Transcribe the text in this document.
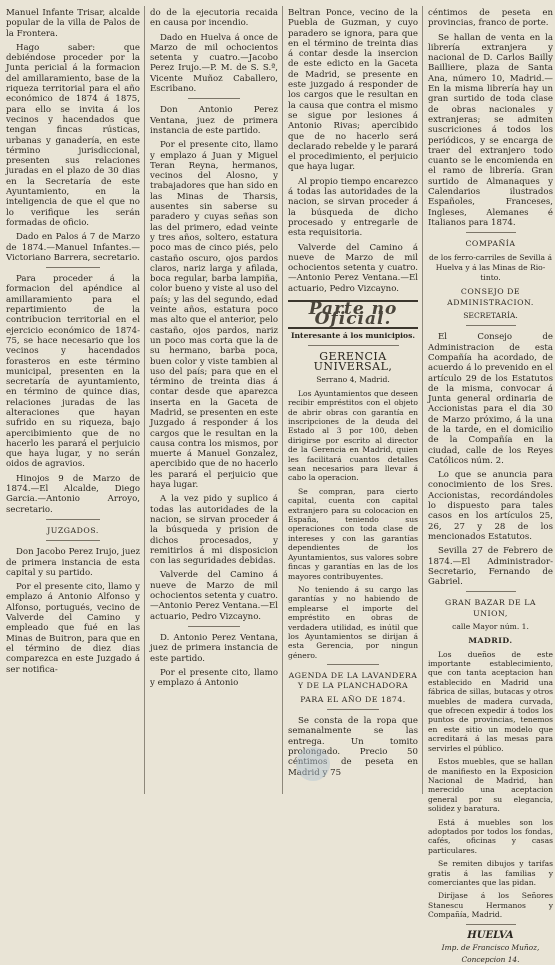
Manuel Infante Trisar, alcalde popular de la villa de Palos de la Frontera.

Hago saber: que debiéndose proceder por la Junta pericial á la formacion del amillaramiento, base de la riqueza territorial para el año económico de 1874 á 1875, para ello se invita á los vecinos y hacendados que tengan fincas rústicas, urbanas y ganadería, en este término jurisdiccional, presenten sus relaciones juradas en el plazo de 30 dias en la Secretaría de este Ayuntamiento, en la inteligencia de que el que no lo verifique les serán formadas de oficio.

Dado en Palos á 7 de Marzo de 1874.—Manuel Infantes.—Victoriano Barrera, secretario.

Para proceder á la formacion del apéndice al amillaramiento para el repartimiento de la contribucion territorial en el ejercicio económico de 1874-75, se hace necesario que los vecinos y hacendados forasteros en este término municipal, presenten en la secretaría de ayuntamiento, en término de quince dias, relaciones juradas de las alteraciones que hayan sufrido en su riqueza, bajo apercibimiento que de no hacerlo les parará el perjuicio que haya lugar, y no serán oidos de agravios.

Hinojos 9 de Marzo de 1874.—El Alcalde, Diego Garcia.—Antonio Arroyo, secretario.

JUZGADOS.

Don Jacobo Perez Irujo, juez de primera instancia de esta capital y su partido.

Por el presente cito, llamo y emplazo á Antonio Alfonso y Alfonso, portugués, vecino de Valverde del Camino y empleado que fué en las Minas de Buitron, para que en el término de diez dias comparezca en este Juzgado á ser notifica-

do de la ejecutoria recaida en causa por incendio.

Dado en Huelva á once de Marzo de mil ochocientos setenta y cuatro.—Jacobo Perez Irujo.—P. M. de S. S.ª, Vicente Muñoz Caballero, Escribano.

Don Antonio Perez Ventana, juez de primera instancia de este partido.

Por el presente cito, llamo y emplazo á Juan y Miguel Teran Reyna, hermanos, vecinos del Alosno, y trabajadores que han sido en las Minas de Tharsis, ausentes sin saberse su paradero y cuyas señas son las del primero, edad veinte y tres años, soltero, estatura poco mas de cinco piés, pelo castaño oscuro, ojos pardos claros, nariz larga y afilada, boca regular, barba lampiña, color bueno y viste al uso del país; y las del segundo, edad veinte años, estatura poco mas alto que el anterior, pelo castaño, ojos pardos, nariz un poco mas corta que la de su hermano, barba poca, buen color y viste tambien al uso del país; para que en el término de treinta dias á contar desde que aparezca inserta en la Gaceta de Madrid, se presenten en este Juzgado á responder á los cargos que le resultan en la causa contra los mismos, por muerte á Manuel Gonzalez, apercibido que de no hacerlo les parará el perjuicio que haya lugar.

A la vez pido y suplico á todas las autoridades de la nacion, se sirvan proceder á la búsqueda y prision de dichos procesados, y remitirlos á mi disposicion con las seguridades debidas.

Valverde del Camino á nueve de Marzo de mil ochocientos setenta y cuatro.—Antonio Perez Ventana.—El actuario, Pedro Vizcayno.

D. Antonio Perez Ventana, juez de primera instancia de este partido.

Por el presente cito, llamo y emplazo á Antonio

Beltran Ponce, vecino de la Puebla de Guzman, y cuyo paradero se ignora, para que en el término de treinta dias á contar desde la insercion de este edicto en la Gaceta de Madrid, se presente en este juzgado á responder de los cargos que le resultan en la causa que contra el mismo se sigue por lesiones á Antonio Rivas; apercibido que de no hacerlo será declarado rebelde y le parará el procedimiento, el perjuicio que haya lugar.

Al propio tiempo encarezco á todas las autoridades de la nacion, se sirvan proceder á la búsqueda de dicho procesado y entregarle de esta requisitoria.

Valverde del Camino á nueve de Marzo de mil ochocientos setenta y cuatro.—Antonio Perez Ventana.—El actuario, Pedro Vizcayno.

Parte no Oficial.
Interesante á los municipios.
GERENCIA UNIVERSAL,
Serrano 4, Madrid.

Los Ayuntamientos que deseen recibir empréstitos con el objeto de abrir obras con garantía en inscripciones de la deuda del Estado al 3 por 100, deben dirigirse por escrito al director de la Gerencia en Madrid, quien les facilitará cuantos detalles sean necesarios para llevar á cabo la operacion.

Se compran, para cierto capital, cuenta con capital extranjero para su colocacion en España, teniendo sus operaciones con toda clase de intereses y con las garantías dependientes de los Ayuntamientos, sus valores sobre fincas y garantías en las de los mayores contribuyentes.

No teniendo á su cargo las garantías y no habiendo de emplearse el importe del empréstito en obras de verdadera utilidad, es inútil que los Ayuntamientos se dirijan á esta Gerencia, por ningun género.

AGENDA DE LA LAVANDERA Y DE LA PLANCHADORA
PARA EL AÑO DE 1874.

Se consta de la ropa que semanalmente se las entrega. Un tomito prolongado. Precio 50 céntimos de peseta en Madrid y 75

céntimos de peseta en provincias, franco de porte.

Se hallan de venta en la librería extranjera y nacional de D. Carlos Bailly Bailliere, plaza de Santa Ana, número 10, Madrid.—En la misma librería hay un gran surtido de toda clase de obras nacionales y extranjeras; se admiten suscriciones á todos los periódicos, y se encarga de traer del extranjero todo cuanto se le encomienda en el ramo de librería. Gran surtido de Almanaques y Calendarios ilustrados Españoles, Franceses, Ingleses, Alemanes é Italianos para 1874.

COMPAÑÍA
de los ferro-carriles de Sevilla á Huelva y á las Minas de Rio-tinto.
CONSEJO DE ADMINISTRACION.
SECRETARÍA.

El Consejo de Administracion de esta Compañía ha acordado, de acuerdo á lo prevenido en el artículo 29 de los Estatutos de la misma, convocar á Junta general ordinaria de Accionistas para el dia 30 de Marzo próximo, á la una de la tarde, en el domicilio de la Compañía en la ciudad, calle de los Reyes Católicos núm. 2.

Lo que se anuncia para conocimiento de los Sres. Accionistas, recordándoles lo dispuesto para tales casos en los artículos 25, 26, 27 y 28 de los mencionados Estatutos.

Sevilla 27 de Febrero de 1874.—El Administrador-Secretario, Fernando de Gabriel.

GRAN BAZAR DE LA UNION,
calle Mayor núm. 1.
MADRID.

Los dueños de este importante establecimiento, que con tanta aceptacion han establecido en Madrid una fábrica de sillas, butacas y otros muebles de madera curvada, que ofrecen expedir á todos los puntos de provincias, tenemos en este sitio un modelo que acreditará á las mesas para servirles el público.

Estos muebles, que se hallan de manifiesto en la Exposicion Nacional de Madrid, han merecido una aceptacion general por su elegancia, solidez y baratura.

Está á muebles son los adoptados por todos los fondas, cafés, oficinas y casas particulares.

Se remiten dibujos y tarifas gratis á las familias y comerciantes que las pidan.

Diríjase á los Señores Stanescu Hermanos y Compañía, Madrid.

HUELVA
Imp. de Francisco Muñoz,
Concepcion 14.
